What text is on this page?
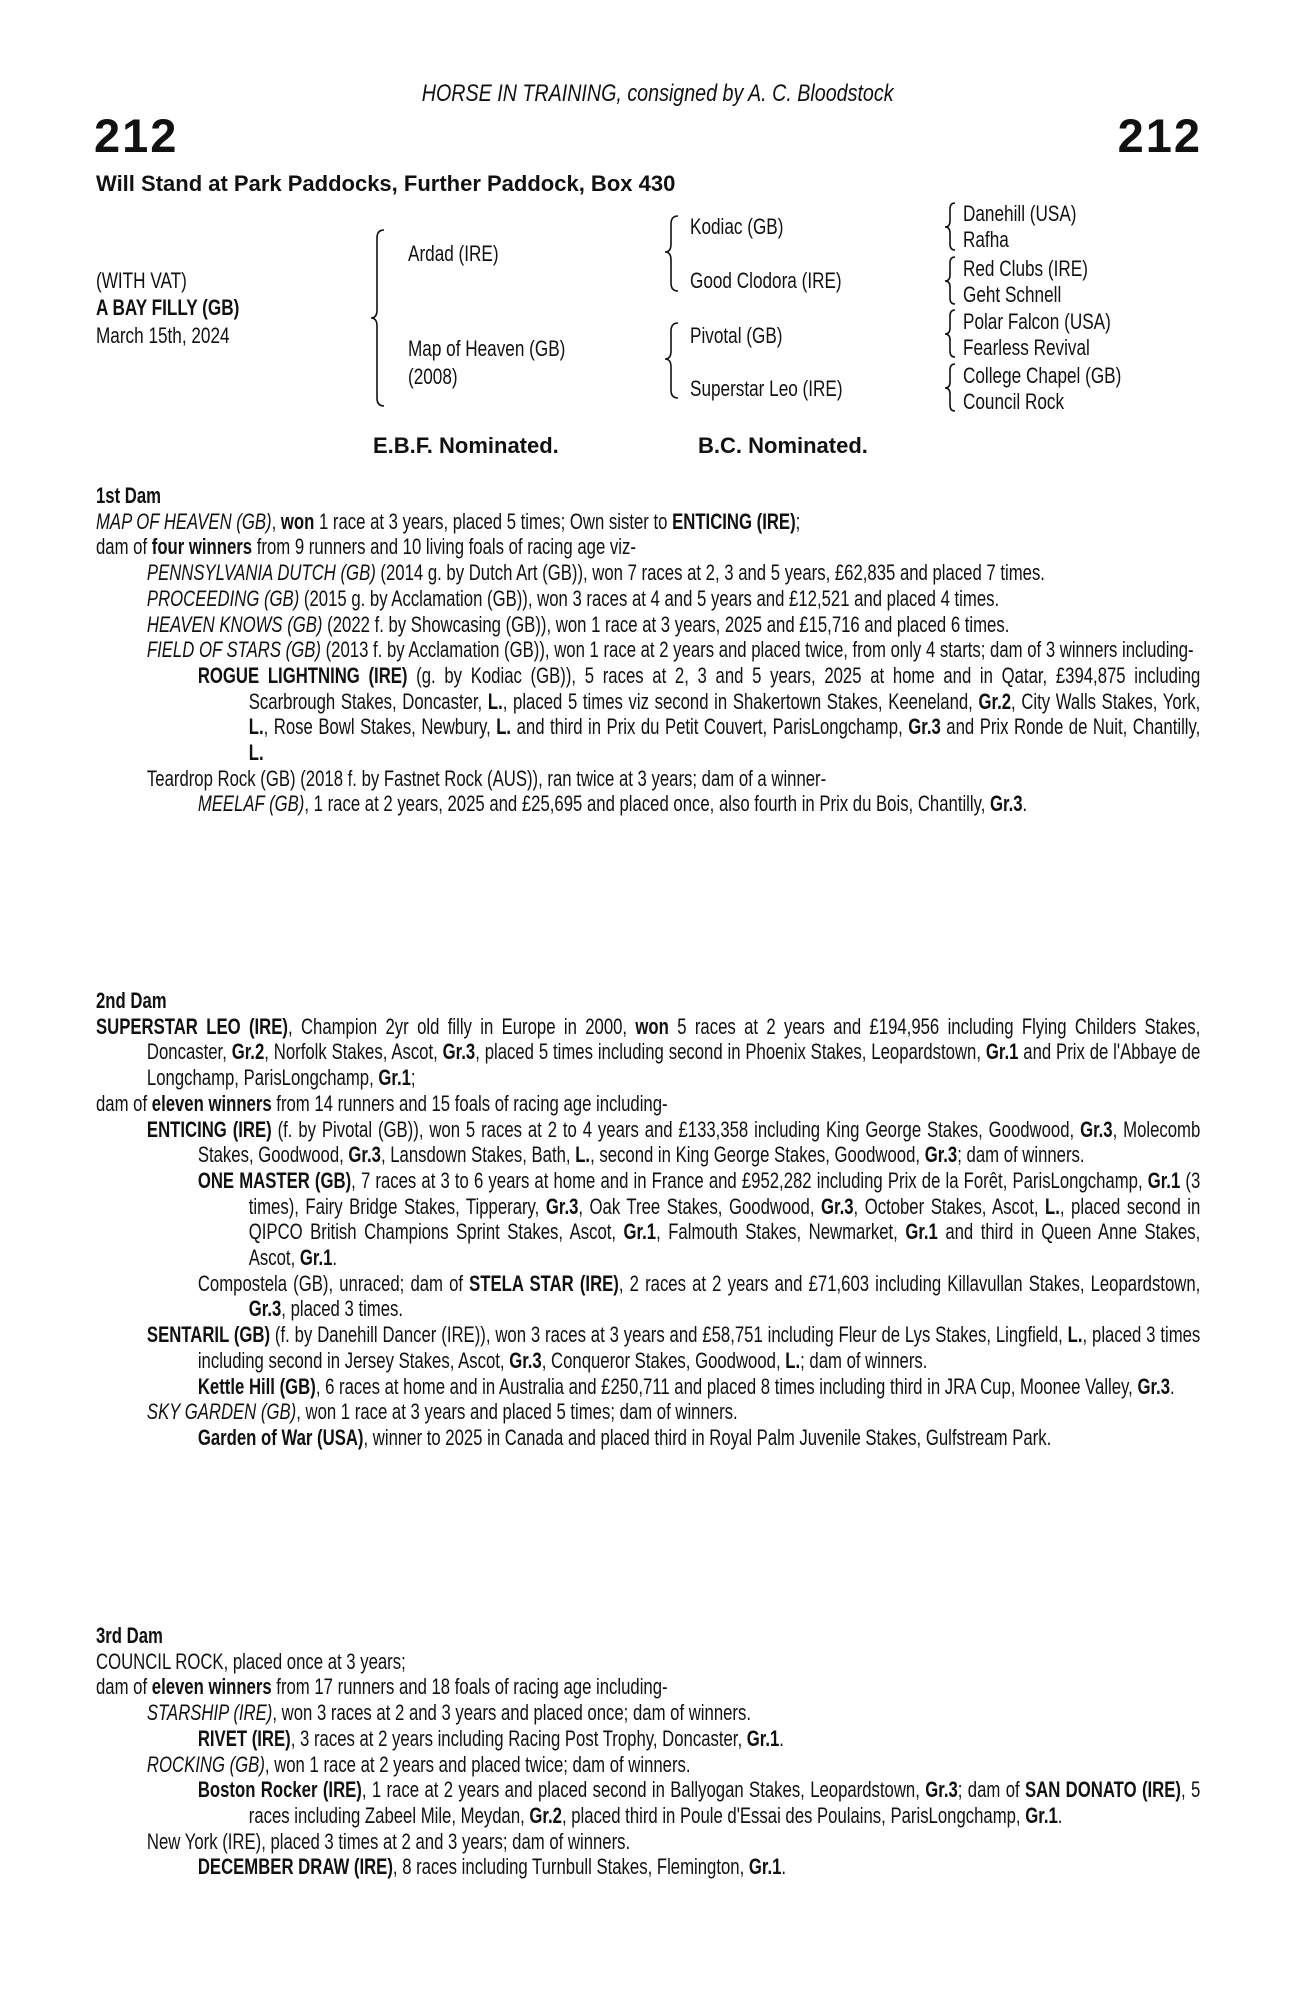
HORSE IN TRAINING, consigned by A. C. Bloodstock
212	212
Will Stand at Park Paddocks, Further Paddock, Box 430
(WITH VAT)
A BAY FILLY (GB)
March 15th, 2024
Ardad (IRE)
Map of Heaven (GB)
(2008)
Kodiac (GB)
Good Clodora (IRE)
Pivotal (GB)
Superstar Leo (IRE)
Danehill (USA)
Rafha
Red Clubs (IRE)
Geht Schnell
Polar Falcon (USA)
Fearless Revival
College Chapel (GB)
Council Rock
E.B.F. Nominated.	B.C. Nominated.
1st Dam
MAP OF HEAVEN (GB), won 1 race at 3 years, placed 5 times; Own sister to ENTICING (IRE);
dam of four winners from 9 runners and 10 living foals of racing age viz-
PENNSYLVANIA DUTCH (GB) (2014 g. by Dutch Art (GB)), won 7 races at 2, 3 and 5 years, £62,835 and placed 7 times.
PROCEEDING (GB) (2015 g. by Acclamation (GB)), won 3 races at 4 and 5 years and £12,521 and placed 4 times.
HEAVEN KNOWS (GB) (2022 f. by Showcasing (GB)), won 1 race at 3 years, 2025 and £15,716 and placed 6 times.
FIELD OF STARS (GB) (2013 f. by Acclamation (GB)), won 1 race at 2 years and placed twice, from only 4 starts; dam of 3 winners including-
ROGUE LIGHTNING (IRE) (g. by Kodiac (GB)), 5 races at 2, 3 and 5 years, 2025 at home and in Qatar, £394,875 including Scarbrough Stakes, Doncaster, L., placed 5 times viz second in Shakertown Stakes, Keeneland, Gr.2, City Walls Stakes, York, L., Rose Bowl Stakes, Newbury, L. and third in Prix du Petit Couvert, ParisLongchamp, Gr.3 and Prix Ronde de Nuit, Chantilly, L.
Teardrop Rock (GB) (2018 f. by Fastnet Rock (AUS)), ran twice at 3 years; dam of a winner-
MEELAF (GB), 1 race at 2 years, 2025 and £25,695 and placed once, also fourth in Prix du Bois, Chantilly, Gr.3.
2nd Dam
SUPERSTAR LEO (IRE), Champion 2yr old filly in Europe in 2000, won 5 races at 2 years and £194,956 including Flying Childers Stakes, Doncaster, Gr.2, Norfolk Stakes, Ascot, Gr.3, placed 5 times including second in Phoenix Stakes, Leopardstown, Gr.1 and Prix de l'Abbaye de Longchamp, ParisLongchamp, Gr.1;
dam of eleven winners from 14 runners and 15 foals of racing age including-
ENTICING (IRE) (f. by Pivotal (GB)), won 5 races at 2 to 4 years and £133,358 including King George Stakes, Goodwood, Gr.3, Molecomb Stakes, Goodwood, Gr.3, Lansdown Stakes, Bath, L., second in King George Stakes, Goodwood, Gr.3; dam of winners.
ONE MASTER (GB), 7 races at 3 to 6 years at home and in France and £952,282 including Prix de la Forêt, ParisLongchamp, Gr.1 (3 times), Fairy Bridge Stakes, Tipperary, Gr.3, Oak Tree Stakes, Goodwood, Gr.3, October Stakes, Ascot, L., placed second in QIPCO British Champions Sprint Stakes, Ascot, Gr.1, Falmouth Stakes, Newmarket, Gr.1 and third in Queen Anne Stakes, Ascot, Gr.1.
Compostela (GB), unraced; dam of STELA STAR (IRE), 2 races at 2 years and £71,603 including Killavullan Stakes, Leopardstown, Gr.3, placed 3 times.
SENTARIL (GB) (f. by Danehill Dancer (IRE)), won 3 races at 3 years and £58,751 including Fleur de Lys Stakes, Lingfield, L., placed 3 times including second in Jersey Stakes, Ascot, Gr.3, Conqueror Stakes, Goodwood, L.; dam of winners.
Kettle Hill (GB), 6 races at home and in Australia and £250,711 and placed 8 times including third in JRA Cup, Moonee Valley, Gr.3.
SKY GARDEN (GB), won 1 race at 3 years and placed 5 times; dam of winners.
Garden of War (USA), winner to 2025 in Canada and placed third in Royal Palm Juvenile Stakes, Gulfstream Park.
3rd Dam
COUNCIL ROCK, placed once at 3 years;
dam of eleven winners from 17 runners and 18 foals of racing age including-
STARSHIP (IRE), won 3 races at 2 and 3 years and placed once; dam of winners.
RIVET (IRE), 3 races at 2 years including Racing Post Trophy, Doncaster, Gr.1.
ROCKING (GB), won 1 race at 2 years and placed twice; dam of winners.
Boston Rocker (IRE), 1 race at 2 years and placed second in Ballyogan Stakes, Leopardstown, Gr.3; dam of SAN DONATO (IRE), 5 races including Zabeel Mile, Meydan, Gr.2, placed third in Poule d'Essai des Poulains, ParisLongchamp, Gr.1.
New York (IRE), placed 3 times at 2 and 3 years; dam of winners.
DECEMBER DRAW (IRE), 8 races including Turnbull Stakes, Flemington, Gr.1.
